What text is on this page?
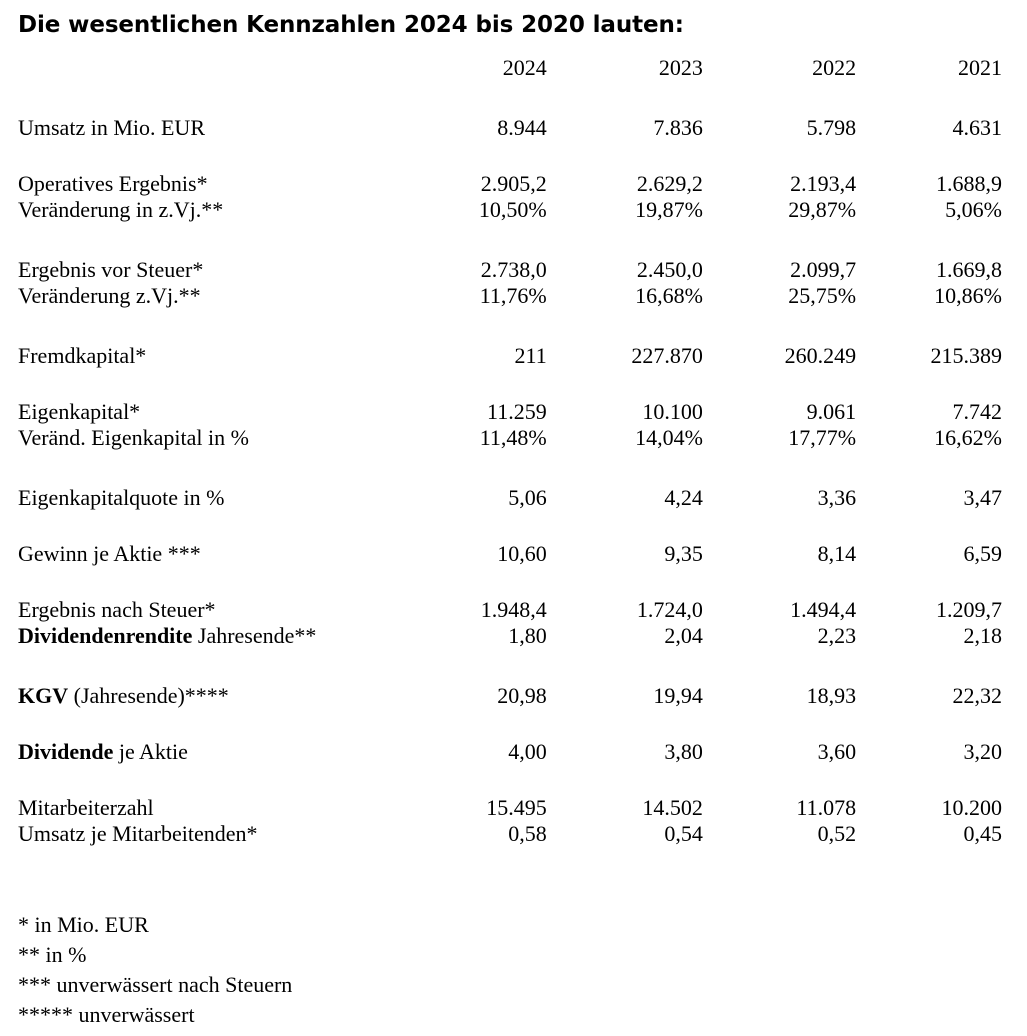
Die wesentlichen Kennzahlen 2024 bis 2020 lauten:
	2024	2023	2022	2021
Umsatz in Mio. EUR	8.944	7.836	5.798	4.631
Operatives Ergebnis*	2.905,2	2.629,2	2.193,4	1.688,9
Veränderung in z.Vj.**	10,50%	19,87%	29,87%	5,06%
Ergebnis vor Steuer*	2.738,0	2.450,0	2.099,7	1.669,8
Veränderung z.Vj.**	11,76%	16,68%	25,75%	10,86%
Fremdkapital*	211	227.870	260.249	215.389
Eigenkapital*	11.259	10.100	9.061	7.742
Veränd. Eigenkapital in %	11,48%	14,04%	17,77%	16,62%
Eigenkapitalquote in %	5,06	4,24	3,36	3,47
Gewinn je Aktie ***	10,60	9,35	8,14	6,59
Ergebnis nach Steuer*	1.948,4	1.724,0	1.494,4	1.209,7
Dividendenrendite Jahresende**	1,80	2,04	2,23	2,18
KGV (Jahresende)****	20,98	19,94	18,93	22,32
Dividende je Aktie	4,00	3,80	3,60	3,20
Mitarbeiterzahl	15.495	14.502	11.078	10.200
Umsatz je Mitarbeitenden*	0,58	0,54	0,52	0,45
* in Mio. EUR
** in %
*** unverwässert nach Steuern
***** unverwässert
